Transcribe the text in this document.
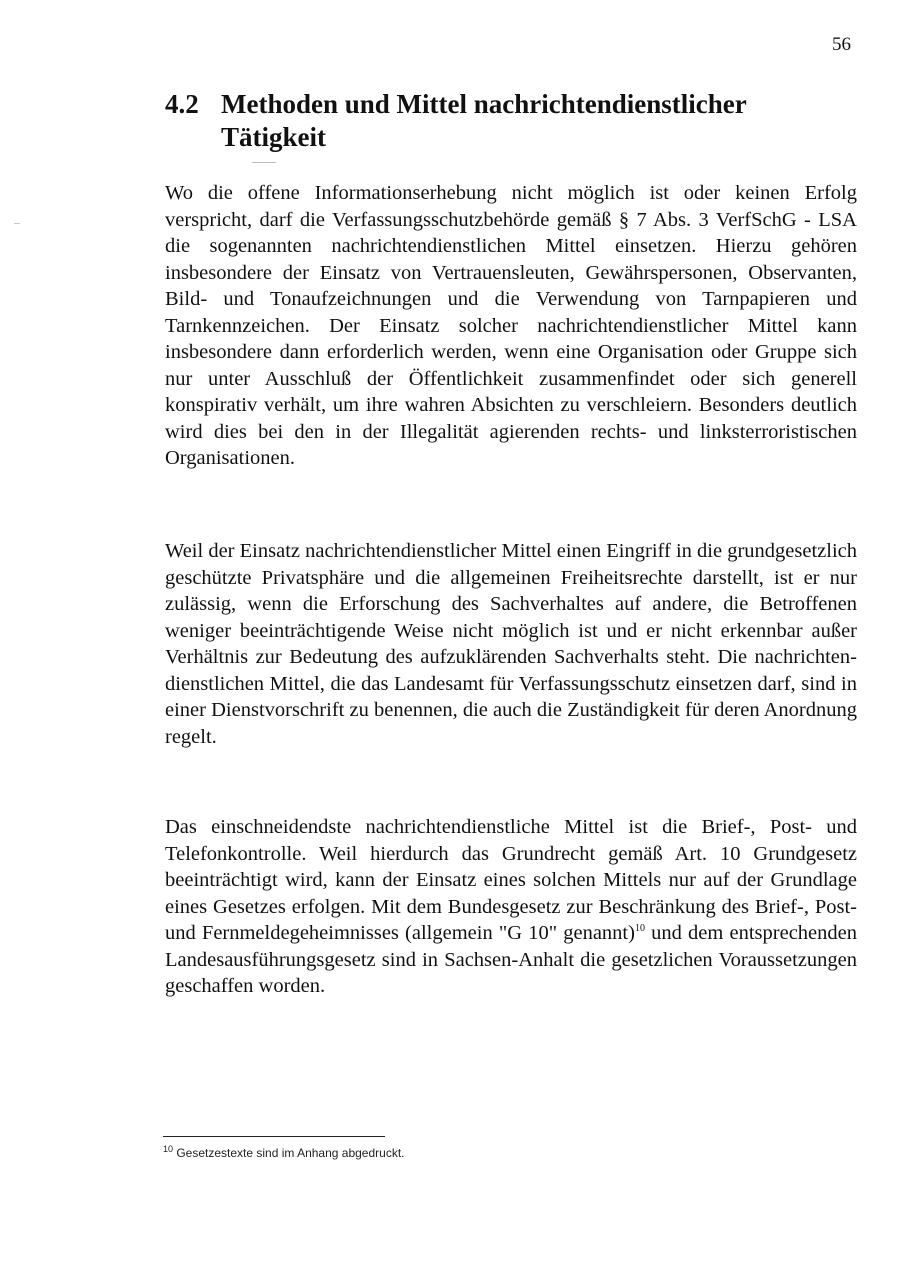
56
4.2 Methoden und Mittel nachrichtendienstlicher
Tätigkeit

Wo die offene Informationserhebung nicht möglich ist oder keinen Erfolg verspricht, darf die Verfassungsschutzbehörde gemäß § 7 Abs. 3 VerfSchG - LSA die sogenannten nachrichtendienstlichen Mittel einsetzen. Hierzu gehören insbesondere der Einsatz von Vertrauensleuten, Gewährspersonen, Observanten, Bild- und Tonaufzeichnungen und die Verwendung von Tarnpapieren und Tarnkennzeichen. Der Einsatz solcher nachrichtendienstlicher Mittel kann insbesondere dann erforderlich werden, wenn eine Organisation oder Gruppe sich nur unter Ausschluß der Öffentlichkeit zusammenfindet oder sich generell konspirativ verhält, um ihre wahren Absichten zu verschleiern. Besonders deutlich wird dies bei den in der Illegalität agierenden rechts- und linksterroristischen Organisationen.

Weil der Einsatz nachrichtendienstlicher Mittel einen Eingriff in die grundgesetzlich geschützte Privatsphäre und die allgemeinen Freiheitsrechte darstellt, ist er nur zulässig, wenn die Erforschung des Sachverhaltes auf andere, die Betroffenen weniger beeinträchtigende Weise nicht möglich ist und er nicht erkennbar außer Verhältnis zur Bedeutung des aufzuklärenden Sachverhalts steht. Die nachrichtendienstlichen Mittel, die das Landesamt für Verfassungsschutz einsetzen darf, sind in einer Dienstvorschrift zu benennen, die auch die Zuständigkeit für deren Anordnung regelt.

Das einschneidendste nachrichtendienstliche Mittel ist die Brief-, Post- und Telefonkontrolle. Weil hierdurch das Grundrecht gemäß Art. 10 Grundgesetz beeinträchtigt wird, kann der Einsatz eines solchen Mittels nur auf der Grundlage eines Gesetzes erfolgen. Mit dem Bundesgesetz zur Beschränkung des Brief-, Post- und Fernmeldegeheimnisses (allgemein "G 10" genannt)$^{10}$ und dem entsprechenden Landesausführungsgesetz sind in Sachsen-Anhalt die gesetzlichen Voraussetzungen geschaffen worden.

$^{10}$ Gesetzestexte sind im Anhang abgedruckt.
